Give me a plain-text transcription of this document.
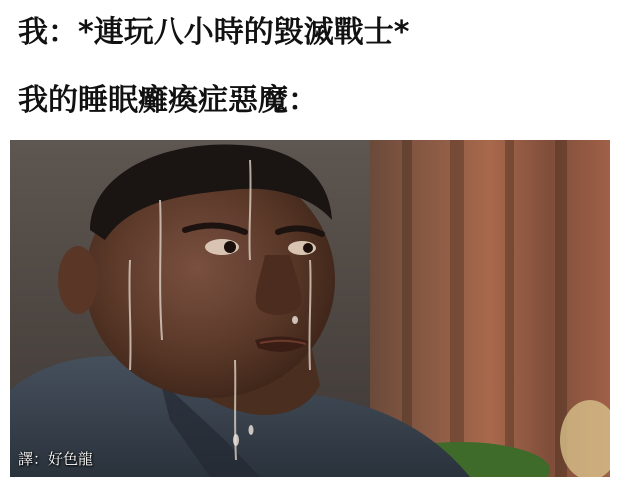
我：*連玩八小時的毀滅戰士*

我的睡眠癱瘓症惡魔：

譯：好色龍
